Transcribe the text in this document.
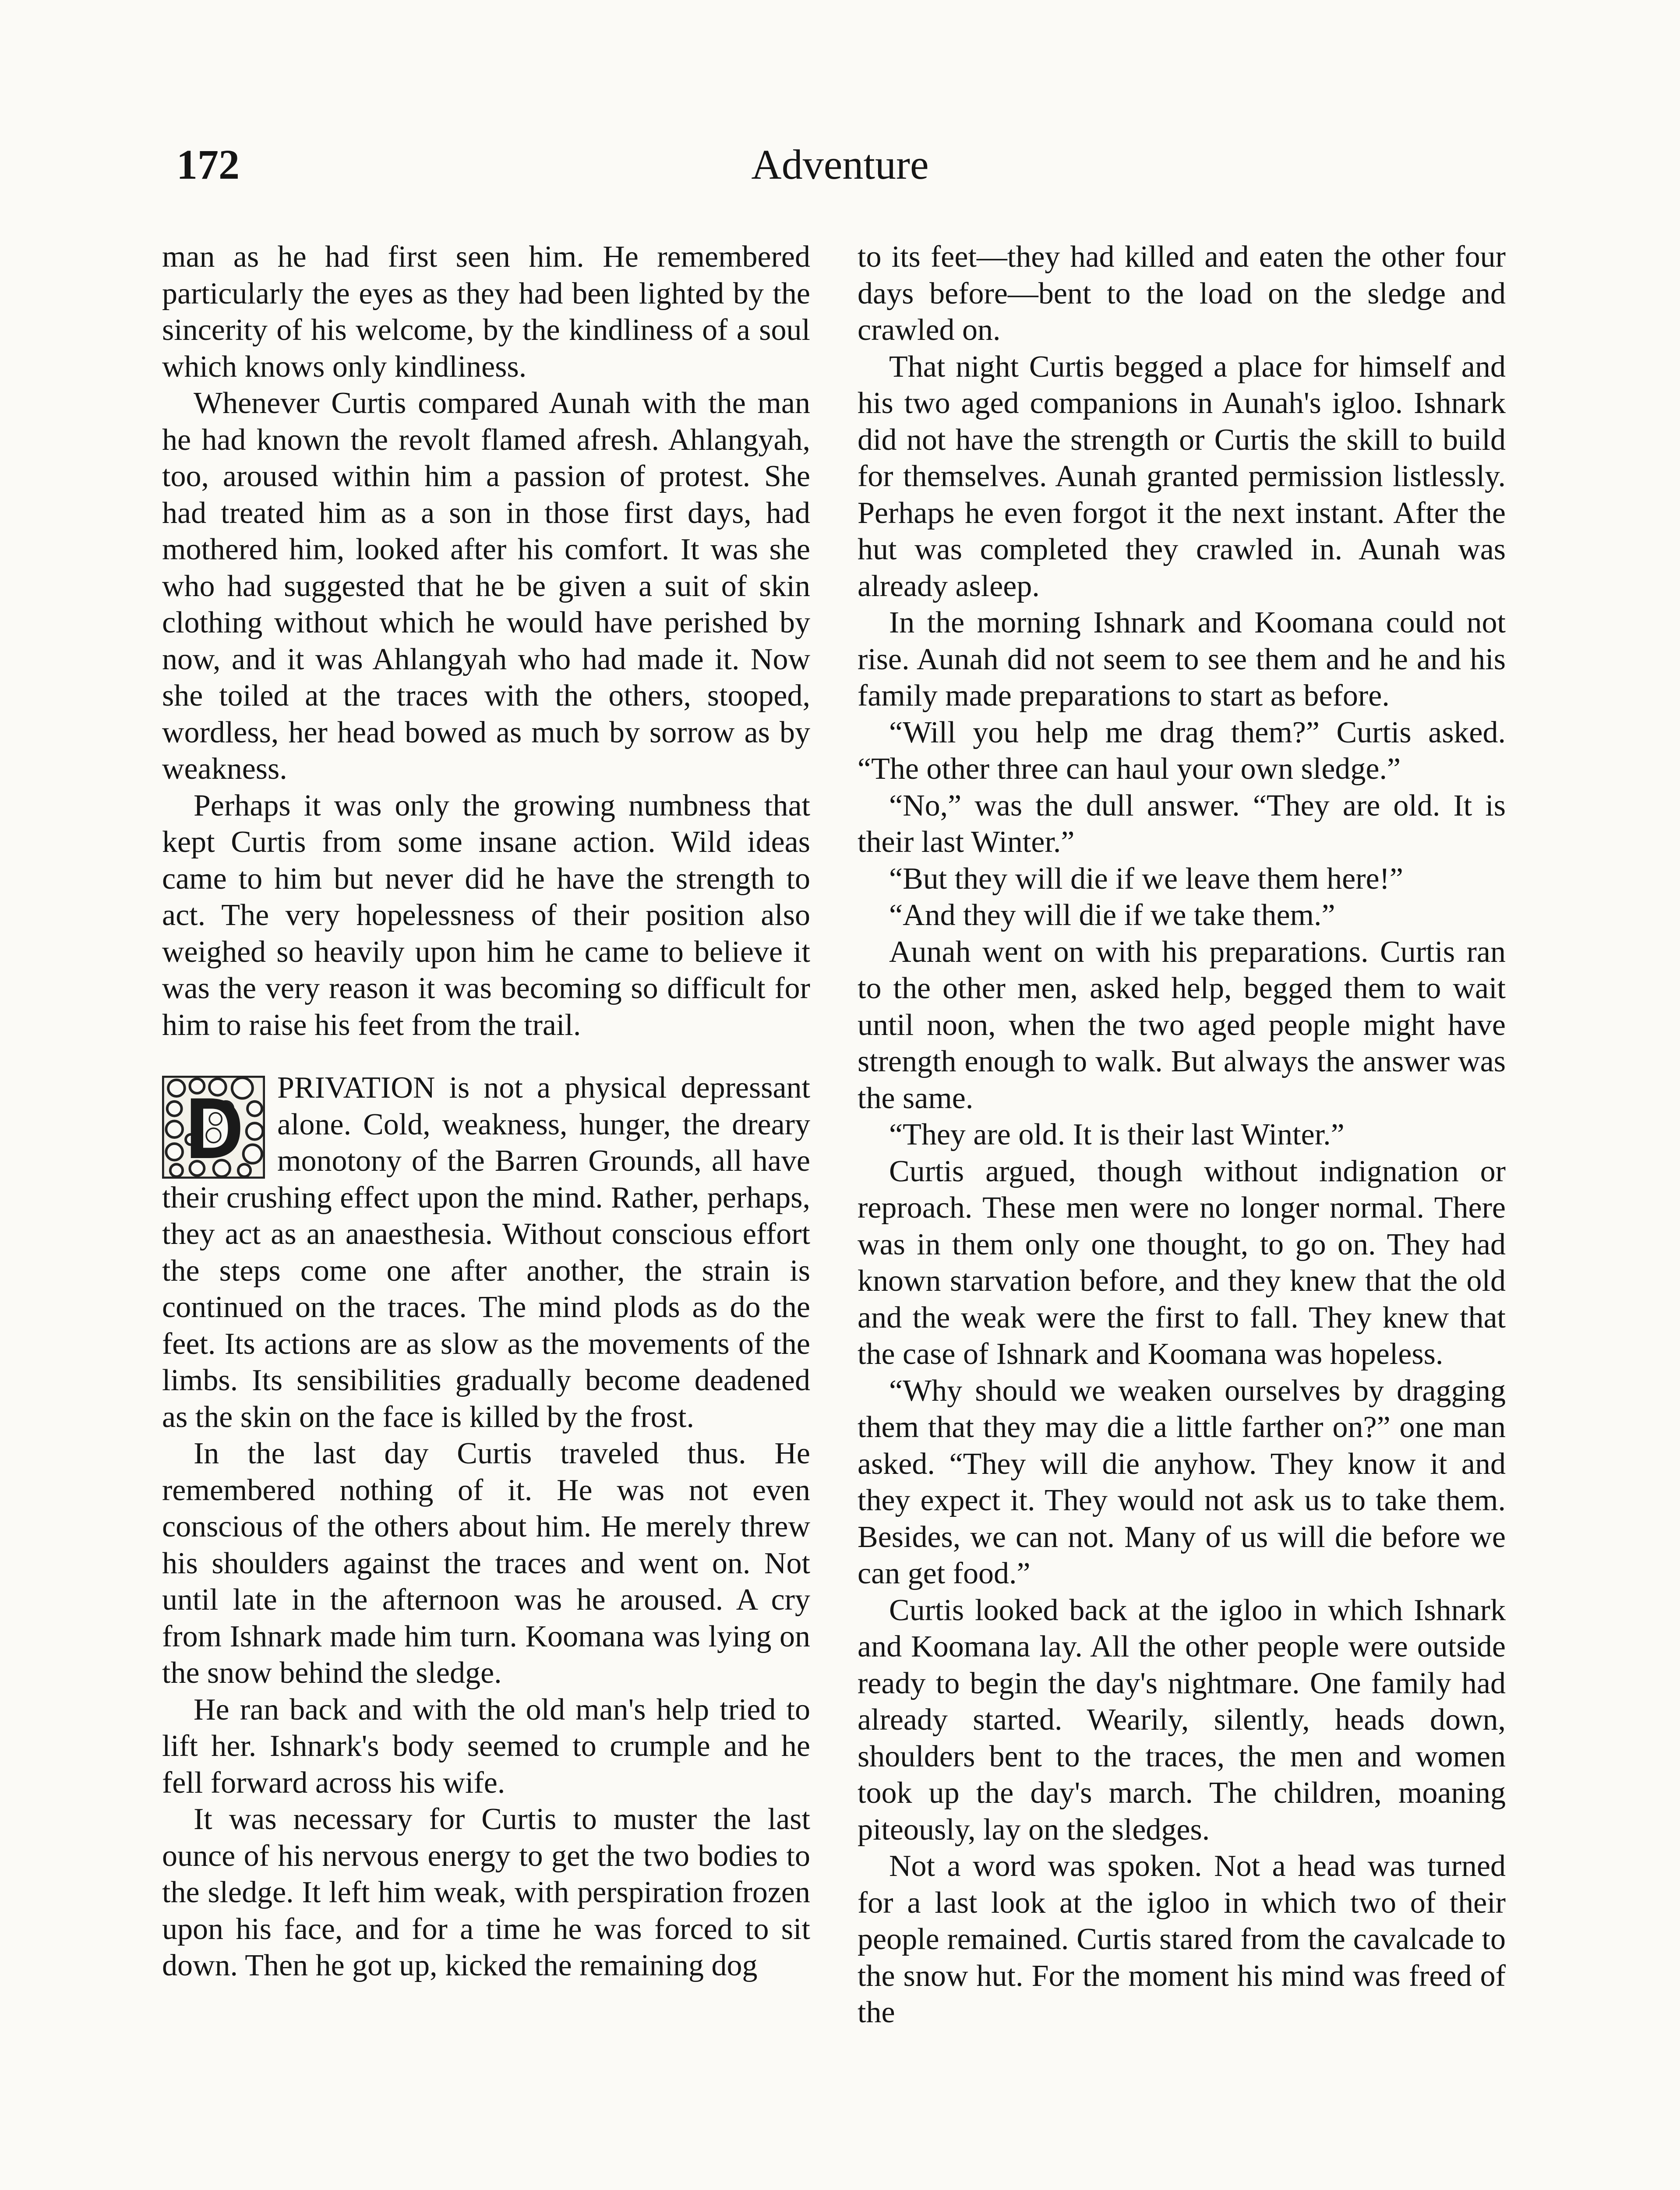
172	Adventure

man as he had first seen him. He remembered particularly the eyes as they had been lighted by the sincerity of his welcome, by the kindliness of a soul which knows only kindliness.

Whenever Curtis compared Aunah with the man he had known the revolt flamed afresh. Ahlangyah, too, aroused within him a passion of protest. She had treated him as a son in those first days, had mothered him, looked after his comfort. It was she who had suggested that he be given a suit of skin clothing without which he would have perished by now, and it was Ahlangyah who had made it. Now she toiled at the traces with the others, stooped, wordless, her head bowed as much by sorrow as by weakness.

Perhaps it was only the growing numbness that kept Curtis from some insane action. Wild ideas came to him but never did he have the strength to act. The very hopelessness of their position also weighed so heavily upon him he came to believe it was the very reason it was becoming so difficult for him to raise his feet from the trail.

PRIVATION is not a physical depressant alone. Cold, weakness, hunger, the dreary monotony of the Barren Grounds, all have their crushing effect upon the mind. Rather, perhaps, they act as an anaesthesia. Without conscious effort the steps come one after another, the strain is continued on the traces. The mind plods as do the feet. Its actions are as slow as the movements of the limbs. Its sensibilities gradually become deadened as the skin on the face is killed by the frost.

In the last day Curtis traveled thus. He remembered nothing of it. He was not even conscious of the others about him. He merely threw his shoulders against the traces and went on. Not until late in the afternoon was he aroused. A cry from Ishnark made him turn. Koomana was lying on the snow behind the sledge.

He ran back and with the old man's help tried to lift her. Ishnark's body seemed to crumple and he fell forward across his wife.

It was necessary for Curtis to muster the last ounce of his nervous energy to get the two bodies to the sledge. It left him weak, with perspiration frozen upon his face, and for a time he was forced to sit down. Then he got up, kicked the remaining dog

to its feet—they had killed and eaten the other four days before—bent to the load on the sledge and crawled on.

That night Curtis begged a place for himself and his two aged companions in Aunah's igloo. Ishnark did not have the strength or Curtis the skill to build for themselves. Aunah granted permission listlessly. Perhaps he even forgot it the next instant. After the hut was completed they crawled in. Aunah was already asleep.

In the morning Ishnark and Koomana could not rise. Aunah did not seem to see them and he and his family made preparations to start as before.

“Will you help me drag them?” Curtis asked. “The other three can haul your own sledge.”

“No,” was the dull answer. “They are old. It is their last Winter.”

“But they will die if we leave them here!”

“And they will die if we take them.”

Aunah went on with his preparations. Curtis ran to the other men, asked help, begged them to wait until noon, when the two aged people might have strength enough to walk. But always the answer was the same.

“They are old. It is their last Winter.”

Curtis argued, though without indignation or reproach. These men were no longer normal. There was in them only one thought, to go on. They had known starvation before, and they knew that the old and the weak were the first to fall. They knew that the case of Ishnark and Koomana was hopeless.

“Why should we weaken ourselves by dragging them that they may die a little farther on?” one man asked. “They will die anyhow. They know it and they expect it. They would not ask us to take them. Besides, we can not. Many of us will die before we can get food.”

Curtis looked back at the igloo in which Ishnark and Koomana lay. All the other people were outside ready to begin the day's nightmare. One family had already started. Wearily, silently, heads down, shoulders bent to the traces, the men and women took up the day's march. The children, moaning piteously, lay on the sledges.

Not a word was spoken. Not a head was turned for a last look at the igloo in which two of their people remained. Curtis stared from the cavalcade to the snow hut. For the moment his mind was freed of the
